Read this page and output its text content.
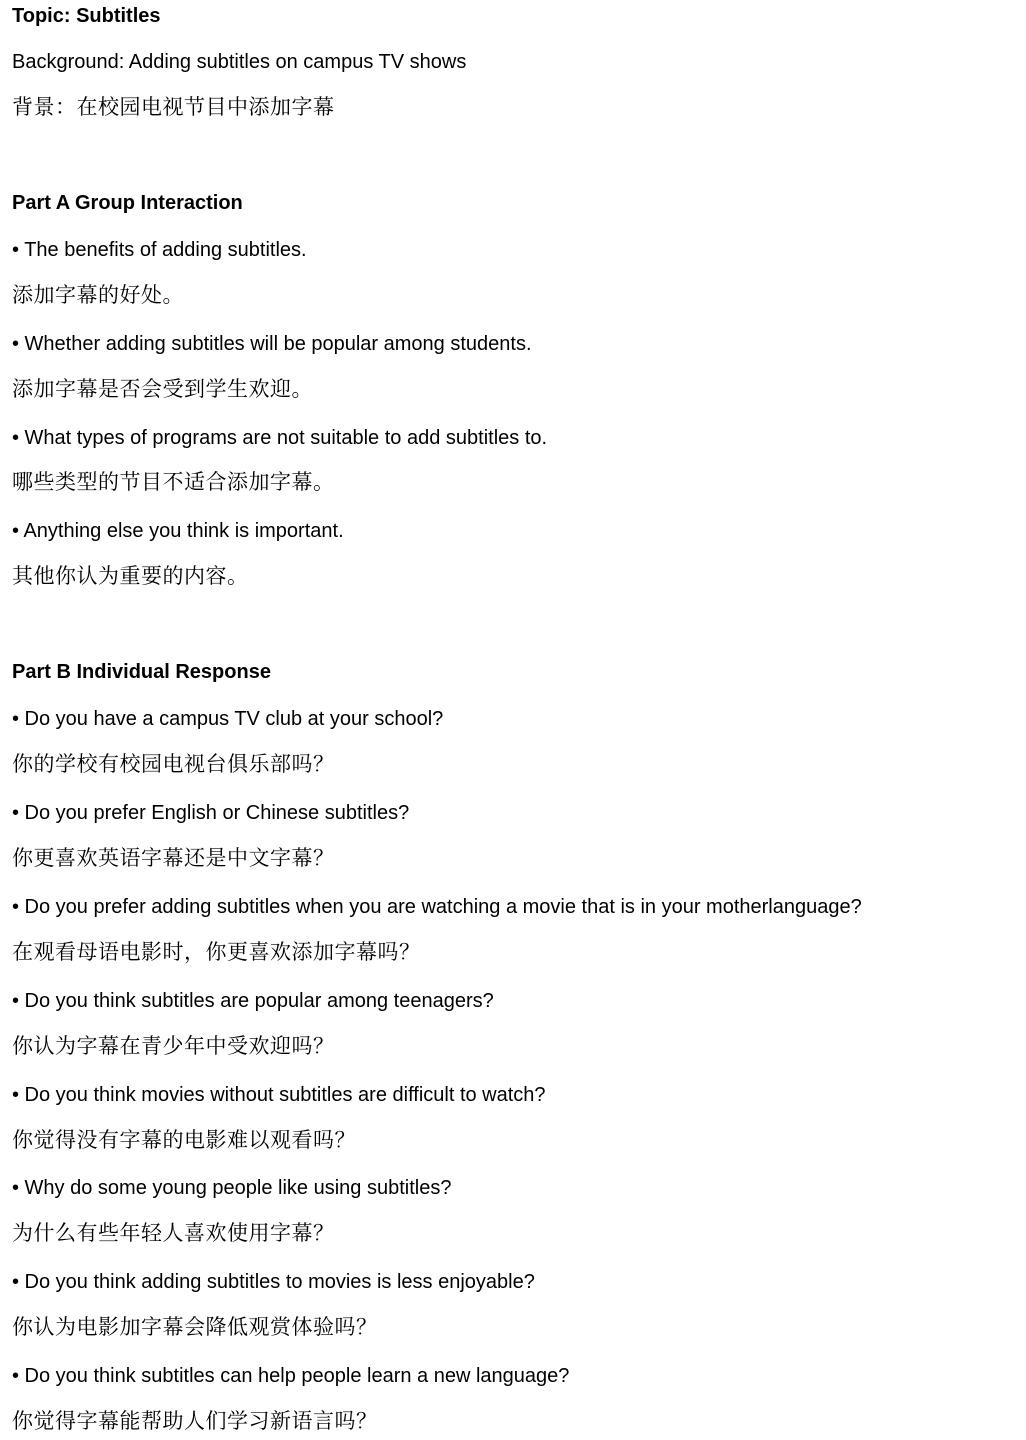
Topic: Subtitles
Background: Adding subtitles on campus TV shows
背景：在校园电视节目中添加字幕
Part A Group Interaction
• The benefits of adding subtitles.
添加字幕的好处。
• Whether adding subtitles will be popular among students.
添加字幕是否会受到学生欢迎。
• What types of programs are not suitable to add subtitles to.
哪些类型的节目不适合添加字幕。
• Anything else you think is important.
其他你认为重要的内容。
Part B Individual Response
• Do you have a campus TV club at your school?
你的学校有校园电视台俱乐部吗？
• Do you prefer English or Chinese subtitles?
你更喜欢英语字幕还是中文字幕？
• Do you prefer adding subtitles when you are watching a movie that is in your motherlanguage?
在观看母语电影时，你更喜欢添加字幕吗？
• Do you think subtitles are popular among teenagers?
你认为字幕在青少年中受欢迎吗？
• Do you think movies without subtitles are difficult to watch?
你觉得没有字幕的电影难以观看吗？
• Why do some young people like using subtitles?
为什么有些年轻人喜欢使用字幕？
• Do you think adding subtitles to movies is less enjoyable?
你认为电影加字幕会降低观赏体验吗？
• Do you think subtitles can help people learn a new language?
你觉得字幕能帮助人们学习新语言吗？
